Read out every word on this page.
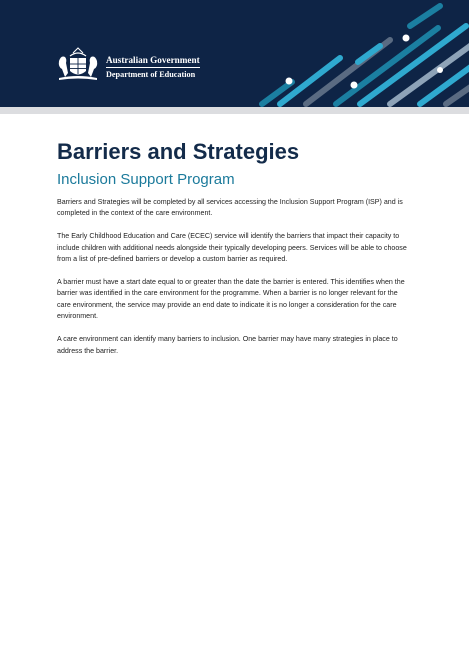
Australian Government
Department of Education
Barriers and Strategies
Inclusion Support Program

Barriers and Strategies will be completed by all services accessing the Inclusion Support Program (ISP) and is completed in the context of the care environment.

The Early Childhood Education and Care (ECEC) service will identify the barriers that impact their capacity to include children with additional needs alongside their typically developing peers. Services will be able to choose from a list of pre-defined barriers or develop a custom barrier as required.

A barrier must have a start date equal to or greater than the date the barrier is entered. This identifies when the barrier was identified in the care environment for the programme. When a barrier is no longer relevant for the care environment, the service may provide an end date to indicate it is no longer a consideration for the care environment.

A care environment can identify many barriers to inclusion. One barrier may have many strategies in place to address the barrier.
